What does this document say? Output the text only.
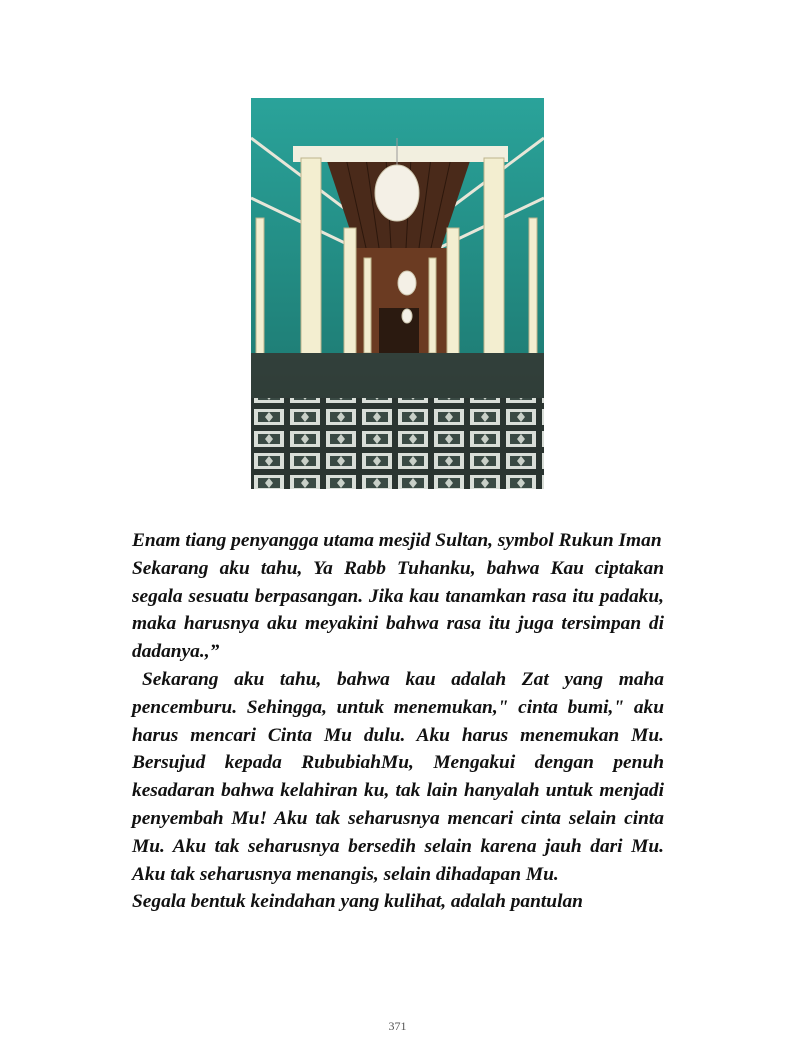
Enam tiang penyangga utama mesjid Sultan, symbol Rukun Iman

Sekarang aku tahu, Ya Rabb Tuhanku, bahwa Kau ciptakan segala sesuatu berpasangan. Jika kau tanamkan rasa itu padaku, maka harusnya aku meyakini bahwa rasa itu juga tersimpan di dadanya.,”

Sekarang aku tahu, bahwa kau adalah Zat yang maha pencemburu. Sehingga, untuk menemukan," cinta bumi," aku harus mencari Cinta Mu dulu. Aku harus menemukan Mu. Bersujud kepada RububiahMu, Mengakui dengan penuh kesadaran bahwa kelahiran ku, tak lain hanyalah untuk menjadi penyembah Mu! Aku tak seharusnya mencari cinta selain cinta Mu. Aku tak seharusnya bersedih selain karena jauh dari Mu. Aku tak seharusnya menangis, selain dihadapan Mu.

Segala bentuk keindahan yang kulihat, adalah pantulan

371
